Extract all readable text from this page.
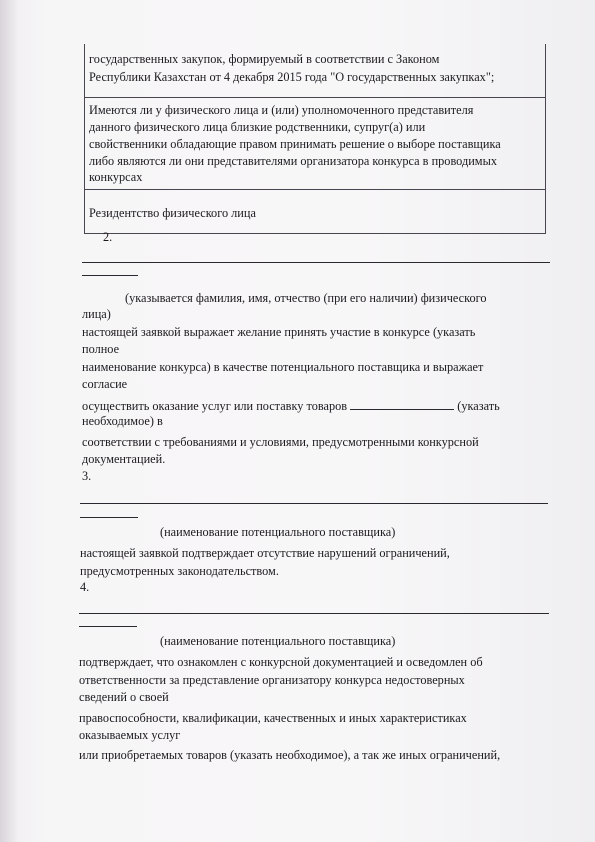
государственных закупок, формируемый в соответствии с Законом
Республики Казахстан от 4 декабря 2015 года "О государственных закупках";
Имеются ли у физического лица и (или) уполномоченного представителя
данного физического лица близкие родственники, супруг(а) или
свойственники обладающие правом принимать решение о выборе поставщика
либо являются ли они представителями организатора конкурса в проводимых
конкурсах
Резидентство физического лица
2.
(указывается фамилия, имя, отчество (при его наличии) физического
лица)
настоящей заявкой выражает желание принять участие в конкурсе (указать
полное
наименование конкурса) в качестве потенциального поставщика и выражает
согласие
осуществить оказание услуг или поставку товаров	(указать
необходимое) в
соответствии с требованиями и условиями, предусмотренными конкурсной
документацией.
3.
(наименование потенциального поставщика)
настоящей заявкой подтверждает отсутствие нарушений ограничений,
предусмотренных законодательством.
4.
(наименование потенциального поставщика)
подтверждает, что ознакомлен с конкурсной документацией и осведомлен об
ответственности за представление организатору конкурса недостоверных
сведений о своей
правоспособности, квалификации, качественных и иных характеристиках
оказываемых услуг
или приобретаемых товаров (указать необходимое), а так же иных ограничений,
